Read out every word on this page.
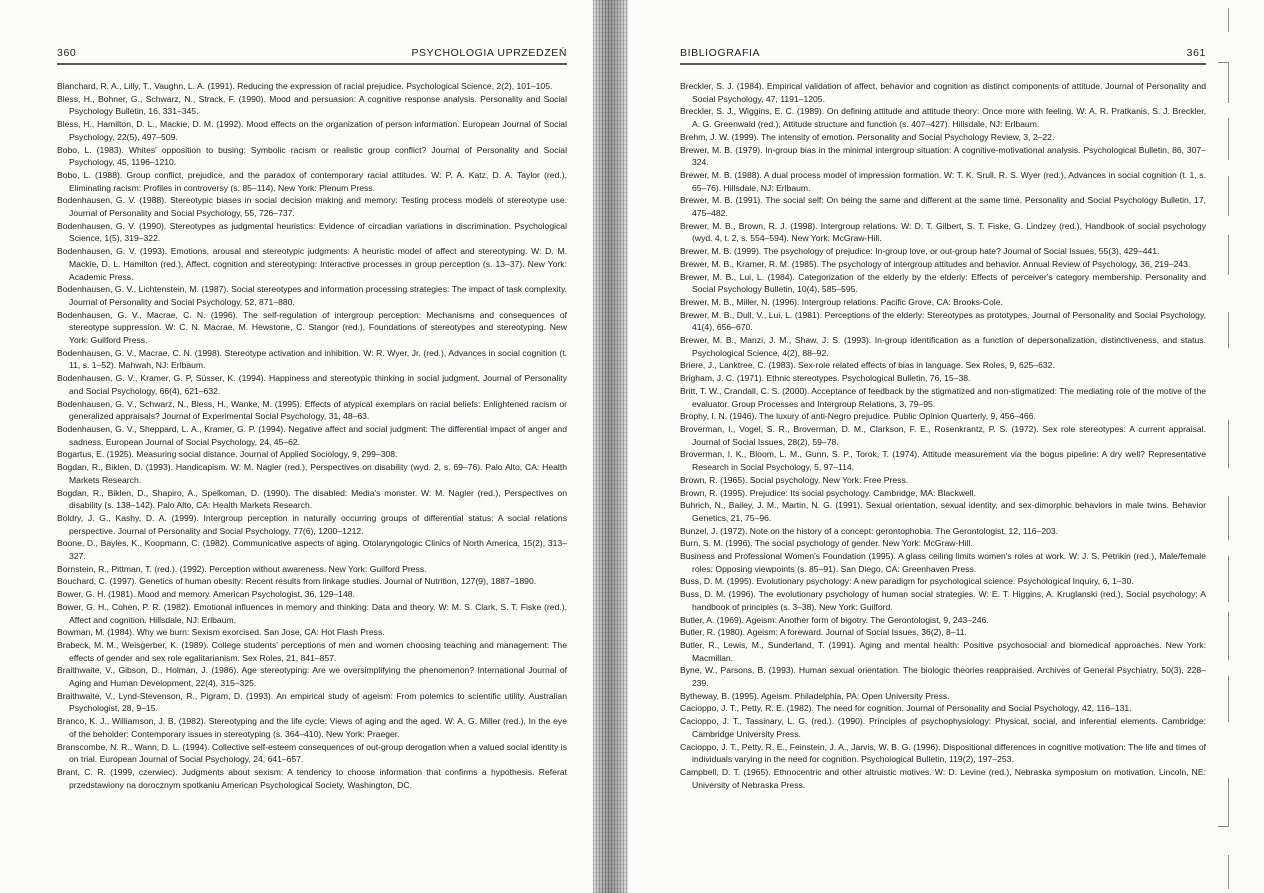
360	PSYCHOLOGIA UPRZEDZEŃ
Blanchard, R. A., Lilly, T., Vaughn, L. A. (1991). Reducing the expression of racial prejudice. Psychological Science, 2(2), 101–105.
Bless, H., Bohner, G., Schwarz, N., Strack, F. (1990). Mood and persuasion: A cognitive response analysis. Personality and Social Psychology Bulletin, 16, 331–345.
Bless, H., Hamilton, D. L., Mackie, D. M. (1992). Mood effects on the organization of person information. European Journal of Social Psychology, 22(5), 497–509.
Bobo, L. (1983). Whites' opposition to busing: Symbolic racism or realistic group conflict? Journal of Personality and Social Psychology, 45, 1196–1210.
Bobo, L. (1988). Group conflict, prejudice, and the paradox of contemporary racial attitudes. W: P. A. Katz, D. A. Taylor (red.), Eliminating racism: Profiles in controversy (s. 85–114). New York: Plenum Press.
Bodenhausen, G. V. (1988). Stereotypic biases in social decision making and memory: Testing process models of stereotype use. Journal of Personality and Social Psychology, 55, 726–737.
Bodenhausen, G. V. (1990). Stereotypes as judgmental heuristics: Evidence of circadian variations in discrimination. Psychological Science, 1(5), 319–322.
Bodenhausen, G. V. (1993). Emotions, arousal and stereotypic judgments: A heuristic model of affect and stereotyping. W: D. M. Mackie, D. L. Hamilton (red.), Affect, cognition and stereotyping: Interactive processes in group perception (s. 13–37). New York: Academic Press.
Bodenhausen, G. V., Lichtenstein, M. (1987). Social stereotypes and information processing strategies: The impact of task complexity. Journal of Personality and Social Psychology, 52, 871–880.
Bodenhausen, G. V., Macrae, C. N. (1996). The self-regulation of intergroup perception: Mechanisms and consequences of stereotype suppression. W: C. N. Macrae, M. Hewstone, C. Stangor (red.), Foundations of stereotypes and stereotyping. New York: Guilford Press.
Bodenhausen, G. V., Macrae, C. N. (1998). Stereotype activation and inhibition. W: R. Wyer, Jr. (red.), Advances in social cognition (t. 11, s. 1–52). Mahwah, NJ: Erlbaum.
Bodenhausen, G. V., Kramer, G. P, Süsser, K. (1994). Happiness and stereotypic thinking in social judgment. Journal of Personality and Social Psychology, 66(4), 621–632.
Bodenhausen, G. V., Schwarz, N., Bless, H., Wanke, M. (1995). Effects of atypical exemplars on racial beliefs: Enlightened racism or generalized appraisals? Journal of Experimental Social Psychology, 31, 48–63.
Bodenhausen, G. V., Sheppard, L. A., Kramer, G. P. (1994). Negative affect and social judgment: The differential impact of anger and sadness. European Journal of Social Psychology, 24, 45–62.
Bogartus, E. (1925). Measuring social distance. Journal of Applied Sociology, 9, 299–308.
Bogdan, R., Biklen, D. (1993). Handicapism. W: M. Nagler (red.), Perspectives on disability (wyd. 2, s. 69–76). Palo Alto, CA: Health Markets Research.
Bogdan, R., Biklen, D., Shapiro, A., Spelkoman, D. (1990). The disabled: Media's monster. W: M. Nagler (red.), Perspectives on disability (s. 138–142). Palo Alto, CA: Health Markets Research.
Boldry, J. G., Kashy, D. A. (1999). Intergroup perception in naturally occurring groups of differential status: A social relations perspective. Journal of Personality and Social Psychology, 77(6), 1200–1212.
Boone, D., Bayles, K., Koopmann, C. (1982). Communicative aspects of aging. Otolaryngologic Clinics of North America, 15(2), 313–327.
Bornstein, R., Pittman, T. (red.). (1992). Perception without awareness. New York: Guilford Press.
Bouchard, C. (1997). Genetics of human obesity: Recent results from linkage studies. Journal of Nutrition, 127(9), 1887–1890.
Bower, G. H. (1981). Mood and memory. American Psychologist, 36, 129–148.
Bower, G. H., Cohen, P. R. (1982). Emotional influences in memory and thinking: Data and theory. W: M. S. Clark, S. T. Fiske (red.), Affect and cognition. Hillsdale, NJ: Erlbaum.
Bowman, M. (1984). Why we burn: Sexism exorcised. San Jose, CA: Hot Flash Press.
Brabeck, M. M., Weisgerber, K. (1989). College students' perceptions of men and women choosing teaching and management: The effects of gender and sex role egalitarianism. Sex Roles, 21, 841–857.
Braithwaite, V., Gibson, D., Holman, J. (1986). Age stereotyping: Are we oversimplifying the phenomenon? International Journal of Aging and Human Development, 22(4), 315–325.
Braithwaite, V., Lynd-Stevenson, R., Pigram, D. (1993). An empirical study of ageism: From polemics to scientific utility. Australian Psychologist, 28, 9–15.
Branco, K. J., Williamson, J. B. (1982). Stereotyping and the life cycle: Views of aging and the aged. W: A. G. Miller (red.), In the eye of the beholder: Contemporary issues in stereotyping (s. 364–410). New York: Praeger.
Branscombe, N. R., Wann, D. L. (1994). Collective self-esteem consequences of out-group derogation when a valued social identity is on trial. European Journal of Social Psychology, 24, 641–657.
Brant, C. R. (1999, czerwiec). Judgments about sexism: A tendency to choose information that confirms a hypothesis. Referat przedstawiony na dorocznym spotkaniu American Psychological Society, Washington, DC.
BIBLIOGRAFIA	361
Breckler, S. J. (1984). Empirical validation of affect, behavior and cognition as distinct components of attitude. Journal of Personality and Social Psychology, 47, 1191–1205.
Breckler, S. J., Wiggins, E. C. (1989). On defining attitude and attitude theory: Once more with feeling. W: A. R. Pratkanis, S. J. Breckler, A. G. Greenwald (red.), Attitude structure and function (s. 407–427). Hillsdale, NJ: Erlbaum.
Brehm, J. W. (1999). The intensity of emotion. Personality and Social Psychology Review, 3, 2–22.
Brewer, M. B. (1979). In-group bias in the minimal intergroup situation: A cognitive-motivational analysis. Psychological Bulletin, 86, 307–324.
Brewer, M. B. (1988). A dual process model of impression formation. W: T. K. Srull, R. S. Wyer (red.), Advances in social cognition (t. 1, s. 65–76). Hillsdale, NJ: Erlbaum.
Brewer, M. B. (1991). The social self: On being the same and different at the same time. Personality and Social Psychology Bulletin, 17, 475–482.
Brewer, M. B., Brown, R. J. (1998). Intergroup relations. W: D. T. Gilbert, S. T. Fiske, G. Lindzey (red.), Handbook of social psychology (wyd. 4, t. 2, s. 554–594). New York: McGraw-Hill.
Brewer, M. B. (1999). The psychology of prejudice: In-group love, or out-group hate? Journal of Social Issues, 55(3), 429–441.
Brewer, M. B., Kramer, R. M. (1985). The psychology of intergroup attitudes and behavior. Annual Review of Psychology, 36, 219–243.
Brewer, M. B., Lui, L. (1984). Categorization of the elderly by the elderly: Effects of perceiver's category membership. Personality and Social Psychology Bulletin, 10(4), 585–595.
Brewer, M. B., Miller, N. (1996). Intergroup relations. Pacific Grove, CA: Brooks-Cole.
Brewer, M. B., Dull, V., Lui, L. (1981). Perceptions of the elderly: Stereotypes as prototypes. Journal of Personality and Social Psychology, 41(4), 656–670.
Brewer, M. B., Manzi, J. M., Shaw, J. S. (1993). In-group identification as a function of depersonalization, distinctiveness, and status. Psychological Science, 4(2), 88–92.
Briere, J., Lanktree, C. (1983). Sex-role related effects of bias in language. Sex Roles, 9, 625–632.
Brigham, J. C. (1971). Ethnic stereotypes. Psychological Bulletin, 76, 15–38.
Britt, T. W., Crandall, C. S. (2000). Acceptance of feedback by the stigmatized and non-stigmatized: The mediating role of the motive of the evaluator. Group Processes and Intergroup Relations, 3, 79–95.
Brophy, I. N. (1946). The luxury of anti-Negro prejudice. Public Opinion Quarterly, 9, 456–466.
Broverman, I., Vogel, S. R., Broverman, D. M., Clarkson, F. E., Rosenkrantz, P. S. (1972). Sex role stereotypes: A current appraisal. Journal of Social Issues, 28(2), 59–78.
Broverman, I. K., Bloom, L. M., Gunn, S. P., Torok, T. (1974). Attitude measurement via the bogus pipeline: A dry well? Representative Research in Social Psychology, 5, 97–114.
Brown, R. (1965). Social psychology. New York: Free Press.
Brown, R. (1995). Prejudice: Its social psychology. Cambridge, MA: Blackwell.
Buhrich, N., Bailey, J. M., Martin, N. G. (1991). Sexual orientation, sexual identity, and sex-dimorphic behaviors in male twins. Behavior Genetics, 21, 75–96.
Bunzel, J. (1972). Note on the history of a concept: gerontophobia. The Gerontologist, 12, 116–203.
Burn, S. M. (1996). The social psychology of gender. New York: McGraw-Hill.
Business and Professional Women's Foundation (1995). A glass ceiling limits women's roles at work. W: J. S. Petrikin (red.), Male/female roles: Opposing viewpoints (s. 85–91). San Diego, CA: Greenhaven Press.
Buss, D. M. (1995). Evolutionary psychology: A new paradigm for psychological science. Psychological Inquiry, 6, 1–30.
Buss, D. M. (1996). The evolutionary psychology of human social strategies. W: E. T. Higgins, A. Kruglanski (red.), Social psychology: A handbook of principles (s. 3–38). New York: Guilford.
Butler, A. (1969). Ageism: Another form of bigotry. The Gerontologist, 9, 243–246.
Butler, R. (1980). Ageism: A foreward. Journal of Social Issues, 36(2), 8–11.
Butler, R., Lewis, M., Sunderland, T. (1991). Aging and mental health: Positive psychosocial and biomedical approaches. New York: Macmillan.
Byne, W., Parsons, B. (1993). Human sexual orientation. The biologic theories reappraised. Archives of General Psychiatry, 50(3), 228–239.
Bytheway, B. (1995). Ageism. Philadelphia, PA: Open University Press.
Cacioppo, J. T., Petty, R. E. (1982). The need for cognition. Journal of Personality and Social Psychology, 42, 116–131.
Cacioppo, J. T., Tassinary, L. G. (red.). (1990). Principles of psychophysiology: Physical, social, and inferential elements. Cambridge: Cambridge University Press.
Cacioppo, J. T., Petty, R. E., Feinstein, J. A., Jarvis, W. B. G. (1996). Dispositional differences in cognitive motivation: The life and times of individuals varying in the need for cognition. Psychological Bulletin, 119(2), 197–253.
Campbell, D. T. (1965). Ethnocentric and other altruistic motives. W: D. Levine (red.), Nebraska symposium on motivation. Lincoln, NE: University of Nebraska Press.
